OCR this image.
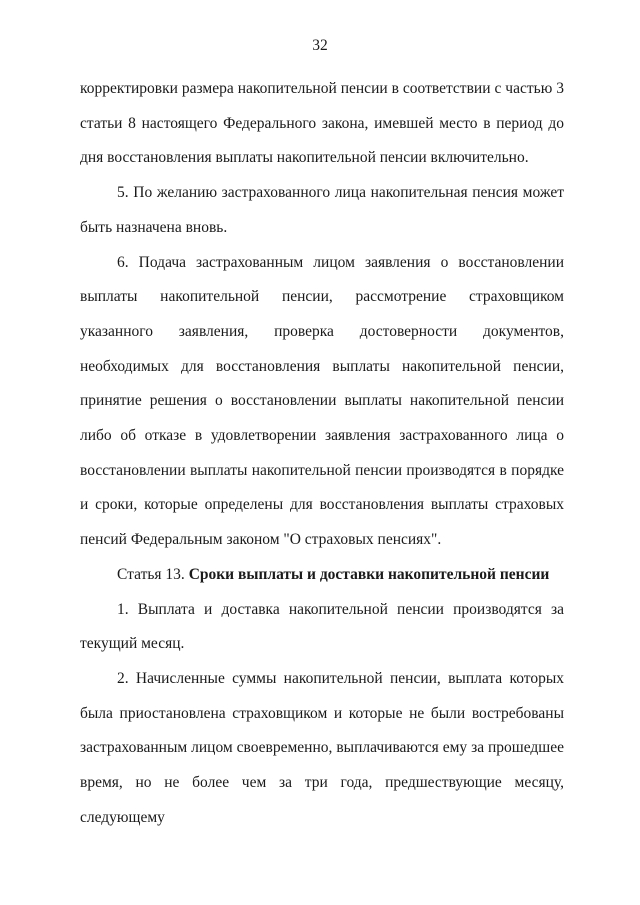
32

корректировки размера накопительной пенсии в соответствии с частью 3 статьи 8 настоящего Федерального закона, имевшей место в период до дня восстановления выплаты накопительной пенсии включительно.

5. По желанию застрахованного лица накопительная пенсия может быть назначена вновь.

6. Подача застрахованным лицом заявления о восстановлении выплаты накопительной пенсии, рассмотрение страховщиком указанного заявления, проверка достоверности документов, необходимых для восстановления выплаты накопительной пенсии, принятие решения о восстановлении выплаты накопительной пенсии либо об отказе в удовлетворении заявления застрахованного лица о восстановлении выплаты накопительной пенсии производятся в порядке и сроки, которые определены для восстановления выплаты страховых пенсий Федеральным законом "О страховых пенсиях".

Статья 13. Сроки выплаты и доставки накопительной пенсии

1. Выплата и доставка накопительной пенсии производятся за текущий месяц.

2. Начисленные суммы накопительной пенсии, выплата которых была приостановлена страховщиком и которые не были востребованы застрахованным лицом своевременно, выплачиваются ему за прошедшее время, но не более чем за три года, предшествующие месяцу, следующему
